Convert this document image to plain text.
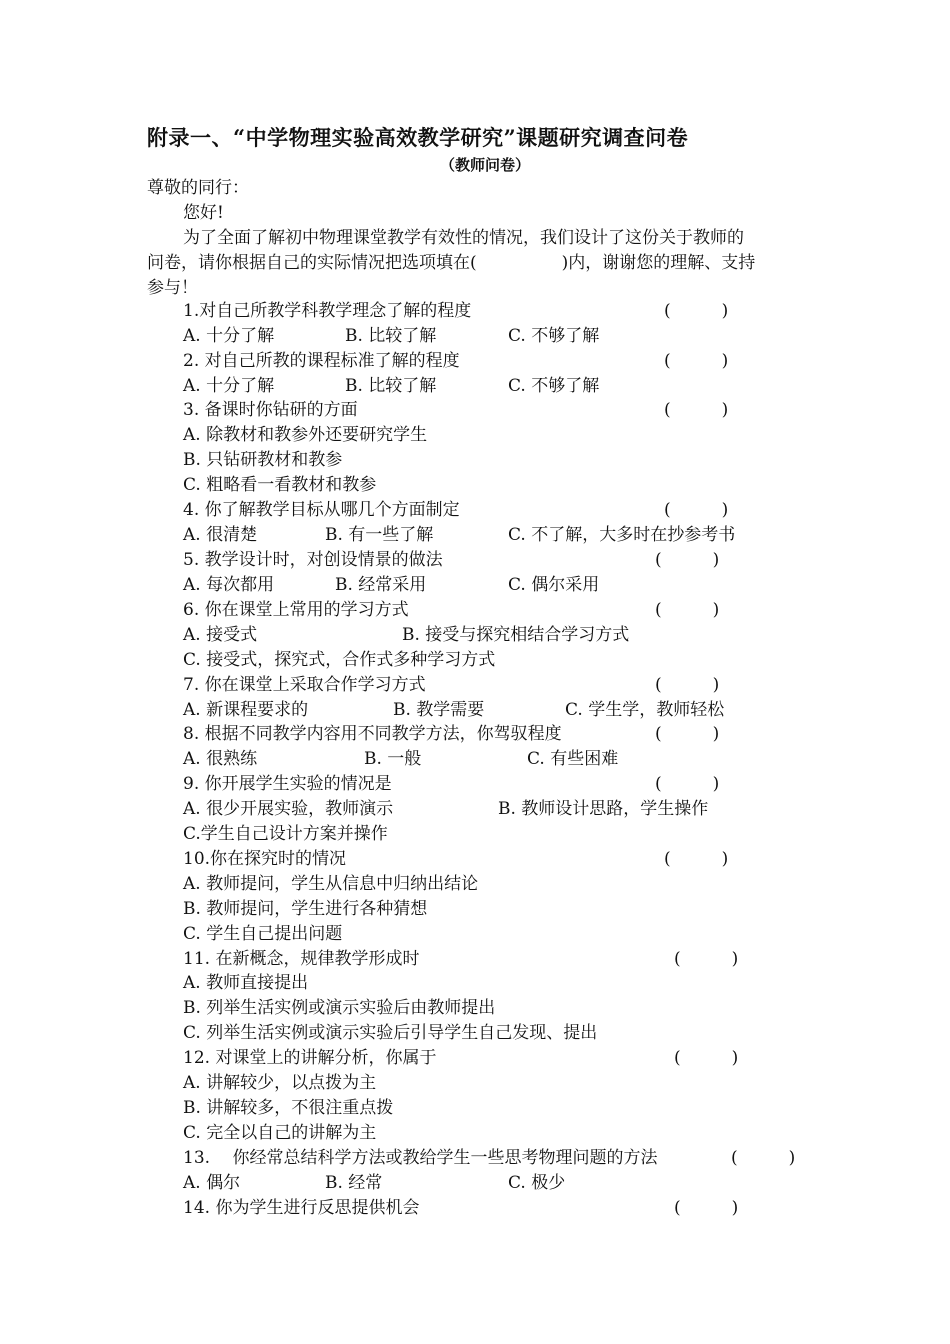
附录一、“中学物理实验高效教学研究”课题研究调查问卷
（教师问卷）
尊敬的同行：
您好!
为了全面了解初中物理课堂教学有效性的情况，我们设计了这份关于教师的
问卷，请你根据自己的实际情况把选项填在(　　　　　)内，谢谢您的理解、支持
参与！
1.对自己所教学科教学理念了解的程度	(　　　)
A. 十分了解	B. 比较了解	C. 不够了解
2. 对自己所教的课程标准了解的程度	(　　　)
A. 十分了解	B. 比较了解	C. 不够了解
3. 备课时你钻研的方面	(　　　)
A. 除教材和教参外还要研究学生
B. 只钻研教材和教参
C. 粗略看一看教材和教参
4. 你了解教学目标从哪几个方面制定	(　　　)
A. 很清楚	B. 有一些了解	C. 不了解，大多时在抄参考书
5. 教学设计时，对创设情景的做法	(　　　)
A. 每次都用	B. 经常采用	C. 偶尔采用
6. 你在课堂上常用的学习方式	(　　　)
A. 接受式	B. 接受与探究相结合学习方式
C. 接受式，探究式，合作式多种学习方式
7. 你在课堂上采取合作学习方式	(　　　)
A. 新课程要求的	B. 教学需要	C. 学生学，教师轻松
8. 根据不同教学内容用不同教学方法，你驾驭程度	(　　　)
A. 很熟练	B. 一般	C. 有些困难
9. 你开展学生实验的情况是	(　　　)
A. 很少开展实验，教师演示	B. 教师设计思路，学生操作
C.学生自己设计方案并操作
10.你在探究时的情况	(　　　)
A. 教师提问，学生从信息中归纳出结论
B. 教师提问，学生进行各种猜想
C. 学生自己提出问题
11. 在新概念，规律教学形成时	(　　　)
A. 教师直接提出
B. 列举生活实例或演示实验后由教师提出
C. 列举生活实例或演示实验后引导学生自己发现、提出
12. 对课堂上的讲解分析，你属于	(　　　)
A. 讲解较少，以点拨为主
B. 讲解较多，不很注重点拨
C. 完全以自己的讲解为主
13.　 你经常总结科学方法或教给学生一些思考物理问题的方法	(　　　)
A. 偶尔	B. 经常	C. 极少
14. 你为学生进行反思提供机会	(　　　)
